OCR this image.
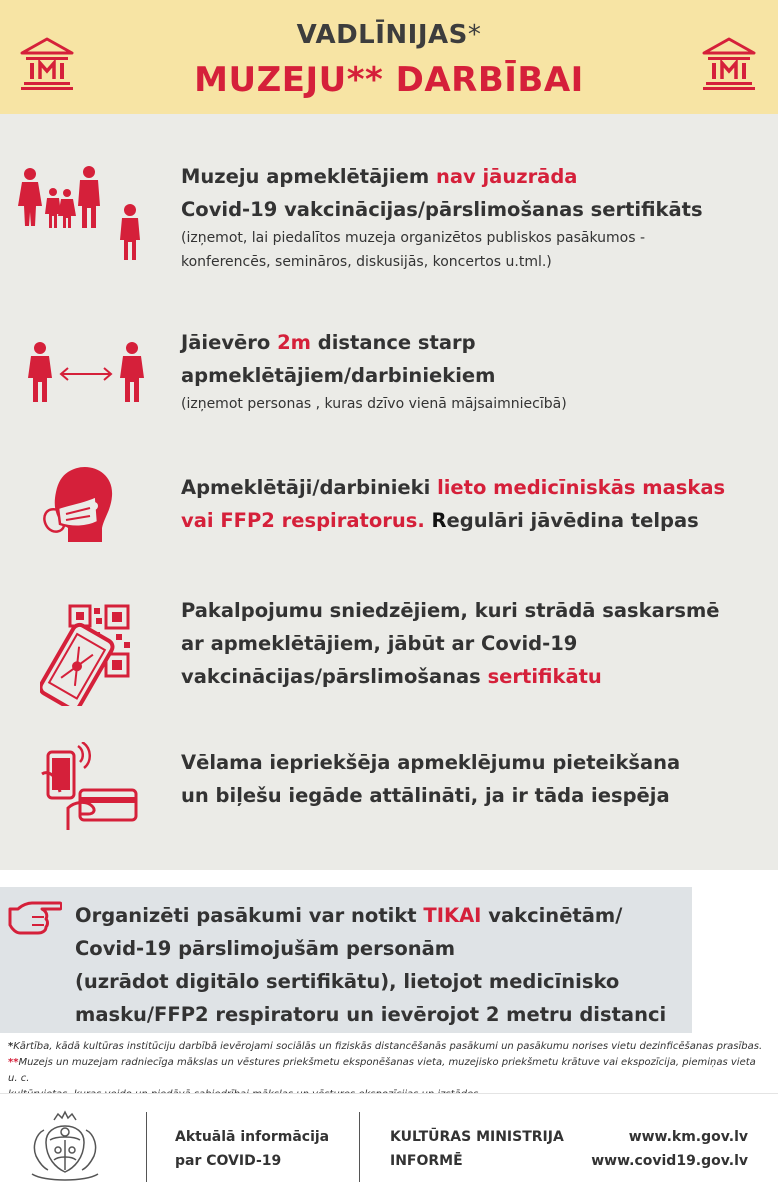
VADLĪNIJAS*
MUZEJU** DARBĪBAI
Muzeju apmeklētājiem nav jāuzrāda
Covid-19 vakcinācijas/pārslimošanas sertifikāts
(izņemot, lai piedalītos muzeja organizētos publiskos pasākumos -
konferencēs, semināros, diskusijās, koncertos u.tml.)
Jāievēro 2m distance starp
apmeklētājiem/darbiniekiem
(izņemot personas , kuras dzīvo vienā mājsaimniecībā)
Apmeklētāji/darbinieki lieto medicīniskās maskas
vai FFP2 respiratorus. Regulāri jāvēdina telpas
Pakalpojumu sniedzējiem, kuri strādā saskarsmē
ar apmeklētājiem, jābūt ar Covid-19
vakcinācijas/pārslimošanas sertifikātu
Vēlama iepriekšēja apmeklējumu pieteikšana
un biļešu iegāde attālināti, ja ir tāda iespēja
Organizēti pasākumi var notikt TIKAI vakcinētām/
Covid-19 pārslimojušām personām
(uzrādot digitālo sertifikātu), lietojot medicīnisko
masku/FFP2 respiratoru un ievērojot 2 metru distanci
*Kārtība, kādā kultūras institūciju darbībā ievērojami sociālās un fiziskās distancēšanās pasākumi un pasākumu norises vietu dezinficēšanas prasības.
**Muzejs un muzejam radniecīga mākslas un vēstures priekšmetu eksponēšanas vieta, muzejisko priekšmetu krātuve vai ekspozīcija, piemiņas vieta u. c.
Aktuālā informācija
par COVID-19
KULTŪRAS MINISTRIJA
INFORMĒ
www.km.gov.lv
www.covid19.gov.lv
